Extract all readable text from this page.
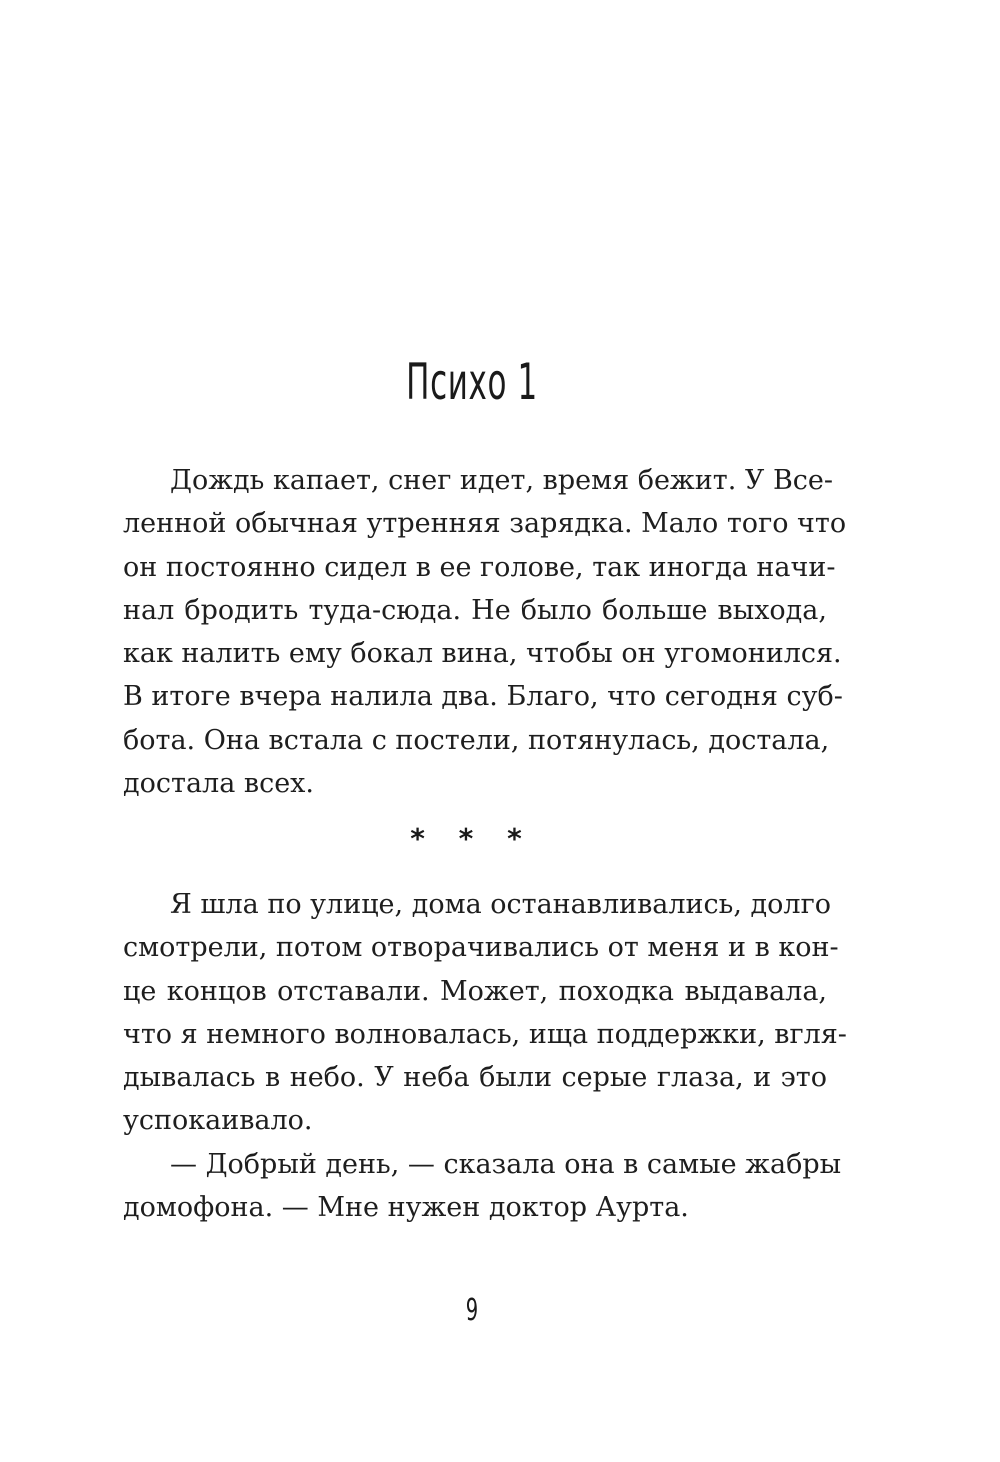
Психо 1
Дождь капает, снег идет, время бежит. У Все-
ленной обычная утренняя зарядка. Мало того что
он постоянно сидел в ее голове, так иногда начи-
нал бродить туда-сюда. Не было больше выхода,
как налить ему бокал вина, чтобы он угомонился.
В итоге вчера налила два. Благо, что сегодня суб-
бота. Она встала с постели, потянулась, достала,
достала всех.
* * *
Я шла по улице, дома останавливались, долго
смотрели, потом отворачивались от меня и в кон-
це концов отставали. Может, походка выдавала,
что я немного волновалась, ища поддержки, вгля-
дывалась в небо. У неба были серые глаза, и это
успокаивало.
— Добрый день, — сказала она в самые жабры
домофона. — Мне нужен доктор Аурта.
9
